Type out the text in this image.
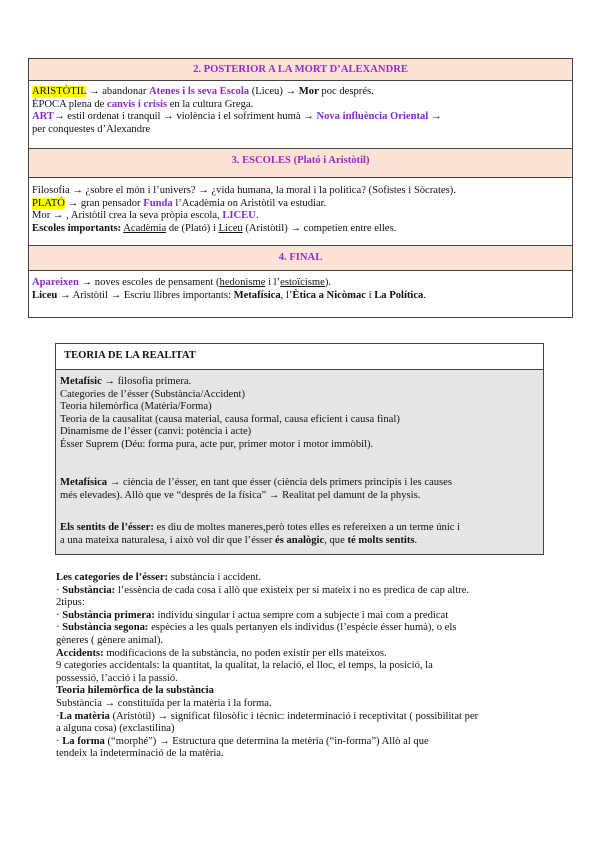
2. POSTERIOR A LA MORT D’ALEXANDRE
ARISTÒTIL → abandonar Atenes i ls seva Escola (Liceu) → Mor poc després.
ÈPOCA plena de canvis i crisis en la cultura Grega.
ART→ estil ordenat i tranquil → violència i el sofriment humà → Nova influència Oriental →
per conquestes d’Alexandre
3. ESCOLES (Plató i Aristòtil)
Filosofia → ¿sobre el món i l’univers? → ¿vida humana, la moral i la política? (Sofistes i Sòcrates).
PLATÓ → gran pensador Funda l’Acadèmia on Aristòtil va estudiar.
Mor → , Aristòtil crea la seva pròpia escola, LICEU.
Escoles importants: Acadèmia de (Plató) i Liceu (Aristòtil) → competien entre elles.
4. FINAL
Apareixen → noves escoles de pensament (hedonisme i l’estoïcisme).
Liceu → Aristòtil → Escriu llibres importants: Metafísica, l’Ètica a Nicòmac i La Política.
TEORIA DE LA REALITAT
Metafísic → filosofia primera.
Categories de l’ésser (Substància/Accident)
Teoria hilemòrfica (Matèria/Forma)
Teoria de la causalitat (causa material, causa formal, causa eficient i causa final)
Dinamisme de l’ésser (canvi: potència i acte)
Ésser Suprem (Déu: forma pura, acte pur, primer motor i motor immòbil).
Metafísica → ciència de l’ésser, en tant que ésser (ciència dels primers principis i les causes
més elevades). Allò que ve “després de la física” → Realitat pel damunt de la physis.
Els sentits de l’ésser: es diu de moltes maneres,però totes elles es refereixen a un terme únic i
a una mateixa naturalesa, i això vol dir que l’ésser és analògic, que té molts sentits.
Les categories de l’ésser: substància i accident.
· Substància: l’essència de cada cosa i allò que existeix per sí mateix i no es predica de cap altre.
2tipus:
· Substància primera: individu singular i actua sempre com a subjecte i mai com a predicat
· Substància segona: espècies a les quals pertanyen els individus (l’espècie ésser humà), o els
gèneres ( gènere animal).
Accidents: modificacions de la substància, no poden existir per ells mateixos.
9 categories accidentals: la quantitat, la qualitat, la relació, el lloc, el temps, la posició, la
possessió, l’acció i la passió.
Teoria hilemòrfica de la substància
Substància → constituïda per la matèria i la forma.
·La matèria (Aristòtil) → significat filosòfic i tècnic: indeterminació i receptivitat ( possibilitat per
a alguna cosa) (exclastilina)
· La forma (“morphé”) → Estructura que determina la metèria (“in-forma”) Allò al que
tendeix la indeterminació de la matèria.
